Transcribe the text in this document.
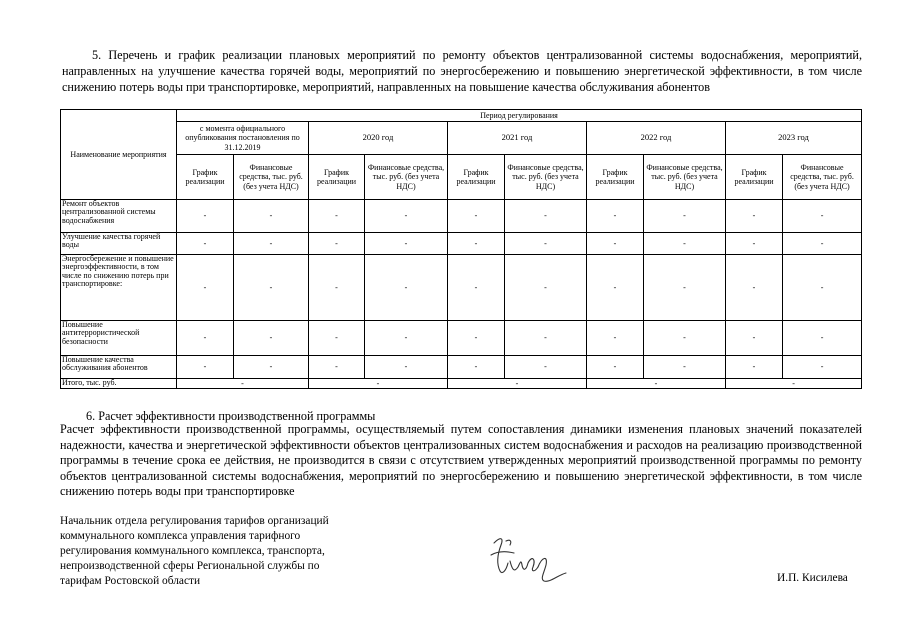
5. Перечень и график реализации плановых мероприятий по ремонту объектов централизованной системы водоснабжения, мероприятий, направленных на улучшение качества горячей воды, мероприятий по энергосбережению и повышению энергетической эффективности, в том числе снижению потерь воды при транспортировке, мероприятий, направленных на повышение качества обслуживания абонентов

Наименование мероприятия	Период регулирования									
	с момента официального опубликования постановления по 31.12.2019		2020 год		2021 год		2022 год		2023 год	
	График реализации	Финансовые средства, тыс. руб. (без учета НДС)	График реализации	Финансовые средства, тыс. руб. (без учета НДС)	График реализации	Финансовые средства, тыс. руб. (без учета НДС)	График реализации	Финансовые средства, тыс. руб. (без учета НДС)	График реализации	Финансовые средства, тыс. руб. (без учета НДС)
Ремонт объектов централизованной системы водоснабжения	-	-	-	-	-	-	-	-	-	-
Улучшение качества горячей воды	-	-	-	-	-	-	-	-	-	-
Энергосбережение и повышение энергоэффективности, в том числе по снижению потерь при транспортировке:	-	-	-	-	-	-	-	-	-	-
Повышение антитеррористической безопасности	-	-	-	-	-	-	-	-	-	-
Повышение качества обслуживания абонентов	-	-	-	-	-	-	-	-	-	-
Итого, тыс. руб.	-		-		-		-		-	

6. Расчет эффективности производственной программы

Расчет эффективности производственной программы, осуществляемый путем сопоставления динамики изменения плановых значений показателей надежности, качества и энергетической эффективности объектов централизованных систем водоснабжения и расходов на реализацию производственной программы в течение срока ее действия, не производится в связи с отсутствием утвержденных мероприятий производственной программы по ремонту объектов централизованной системы водоснабжения, мероприятий по энергосбережению и повышению энергетической эффективности, в том числе снижению потерь воды при транспортировке

Начальник отдела регулирования тарифов организаций
коммунального комплекса управления тарифного
регулирования коммунального комплекса, транспорта,
непроизводственной сферы Региональной службы по
тарифам Ростовской области	И.П. Кисилева
